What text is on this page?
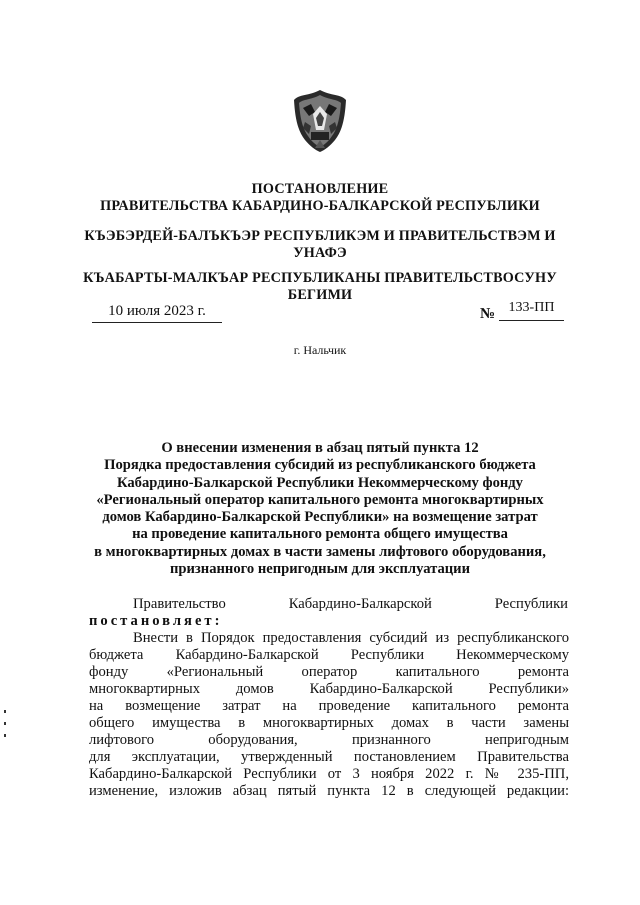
ПОСТАНОВЛЕНИЕ
ПРАВИТЕЛЬСТВА КАБАРДИНО-БАЛКАРСКОЙ РЕСПУБЛИКИ
КЪЭБЭРДЕЙ-БАЛЪКЪЭР РЕСПУБЛИКЭМ И ПРАВИТЕЛЬСТВЭМ И
УНАФЭ
КЪАБАРТЫ-МАЛКЪАР РЕСПУБЛИКАНЫ ПРАВИТЕЛЬСТВОСУНУ
БЕГИМИ
10 июля 2023 г.	№ 133-ПП
г. Нальчик
О внесении изменения в абзац пятый пункта 12
Порядка предоставления субсидий из республиканского бюджета
Кабардино-Балкарской Республики Некоммерческому фонду
«Региональный оператор капитального ремонта многоквартирных
домов Кабардино-Балкарской Республики» на возмещение затрат
на проведение капитального ремонта общего имущества
в многоквартирных домах в части замены лифтового оборудования,
признанного непригодным для эксплуатации
Правительство          Кабардино-Балкарской          Республики
постановляет:
Внести в Порядок предоставления субсидий из республиканского
бюджета    Кабардино-Балкарской    Республики    Некоммерческому
фонду   «Региональный   оператор   капитального   ремонта
многоквартирных   домов   Кабардино-Балкарской   Республики»
на   возмещение   затрат   на   проведение   капитального   ремонта
общего имущества в многоквартирных домах в части замены
лифтового   оборудования,   признанного   непригодным
для эксплуатации, утвержденный постановлением Правительства
Кабардино-Балкарской Республики от 3 ноября 2022 г. № 235-ПП,
изменение, изложив абзац пятый пункта 12 в следующей редакции:
